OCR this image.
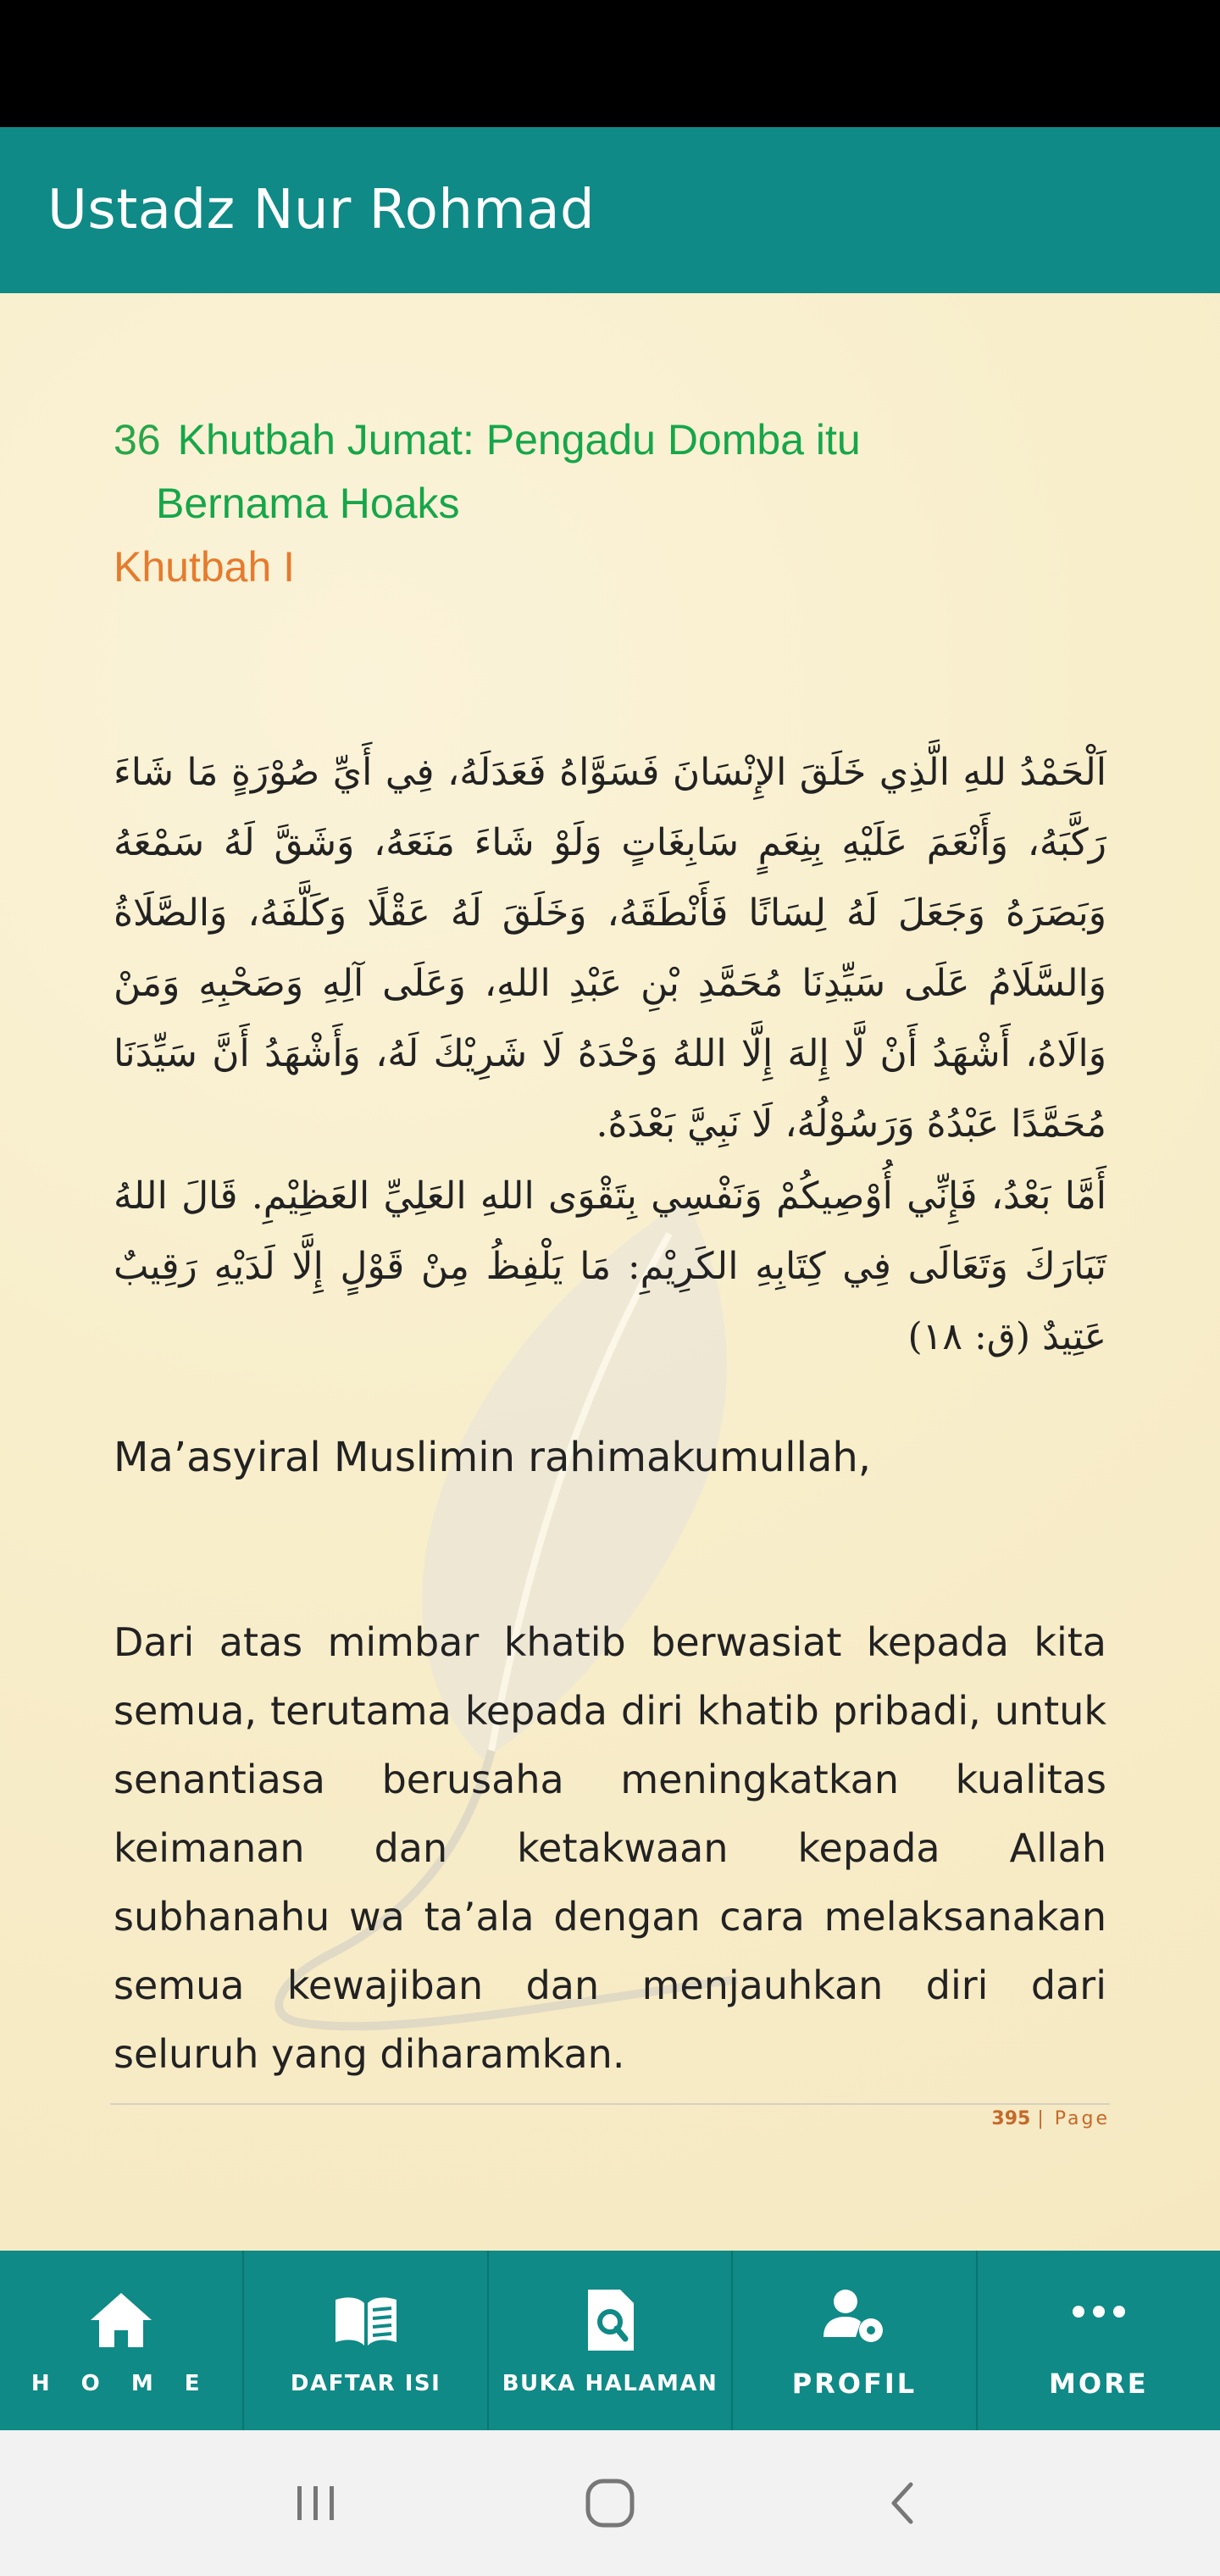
Ustadz Nur Rohmad
36 Khutbah Jumat: Pengadu Domba itu
Bernama Hoaks
Khutbah I

اَلْحَمْدُ للهِ الَّذِي خَلَقَ الإِنْسَانَ فَسَوَّاهُ فَعَدَلَهُ، فِي أَيِّ صُوْرَةٍ مَا شَاءَ رَكَّبَهُ، وَأَنْعَمَ عَلَيْهِ بِنِعَمٍ سَابِغَاتٍ وَلَوْ شَاءَ مَنَعَهُ، وَشَقَّ لَهُ سَمْعَهُ وَبَصَرَهُ وَجَعَلَ لَهُ لِسَانًا فَأَنْطَقَهُ، وَخَلَقَ لَهُ عَقْلًا وَكَلَّفَهُ، وَالصَّلَاةُ وَالسَّلَامُ عَلَى سَيِّدِنَا مُحَمَّدِ بْنِ عَبْدِ اللهِ، وَعَلَى آلِهِ وَصَحْبِهِ وَمَنْ وَالَاهُ، أَشْهَدُ أَنْ لَّا إِلهَ إِلَّا اللهُ وَحْدَهُ لَا شَرِيْكَ لَهُ، وَأَشْهَدُ أَنَّ سَيِّدَنَا مُحَمَّدًا عَبْدُهُ وَرَسُوْلُهُ، لَا نَبِيَّ بَعْدَهُ.

أَمَّا بَعْدُ، فَإِنِّي أُوْصِيكُمْ وَنَفْسِي بِتَقْوَى اللهِ العَلِيِّ العَظِيْمِ. قَالَ اللهُ تَبَارَكَ وَتَعَالَى فِي كِتَابِهِ الكَرِيْمِ: مَا يَلْفِظُ مِنْ قَوْلٍ إِلَّا لَدَيْهِ رَقِيبٌ عَتِيدٌ (ق: ١٨)

Ma’asyiral Muslimin rahimakumullah,
Dari atas mimbar khatib berwasiat kepada kita semua, terutama kepada diri khatib pribadi, untuk senantiasa berusaha meningkatkan kualitas keimanan dan ketakwaan kepada Allah subhanahu wa ta’ala dengan cara melaksanakan semua kewajiban dan menjauhkan diri dari seluruh yang diharamkan.
395 | Page
H O M E	DAFTAR ISI	BUKA HALAMAN	PROFIL	MORE
